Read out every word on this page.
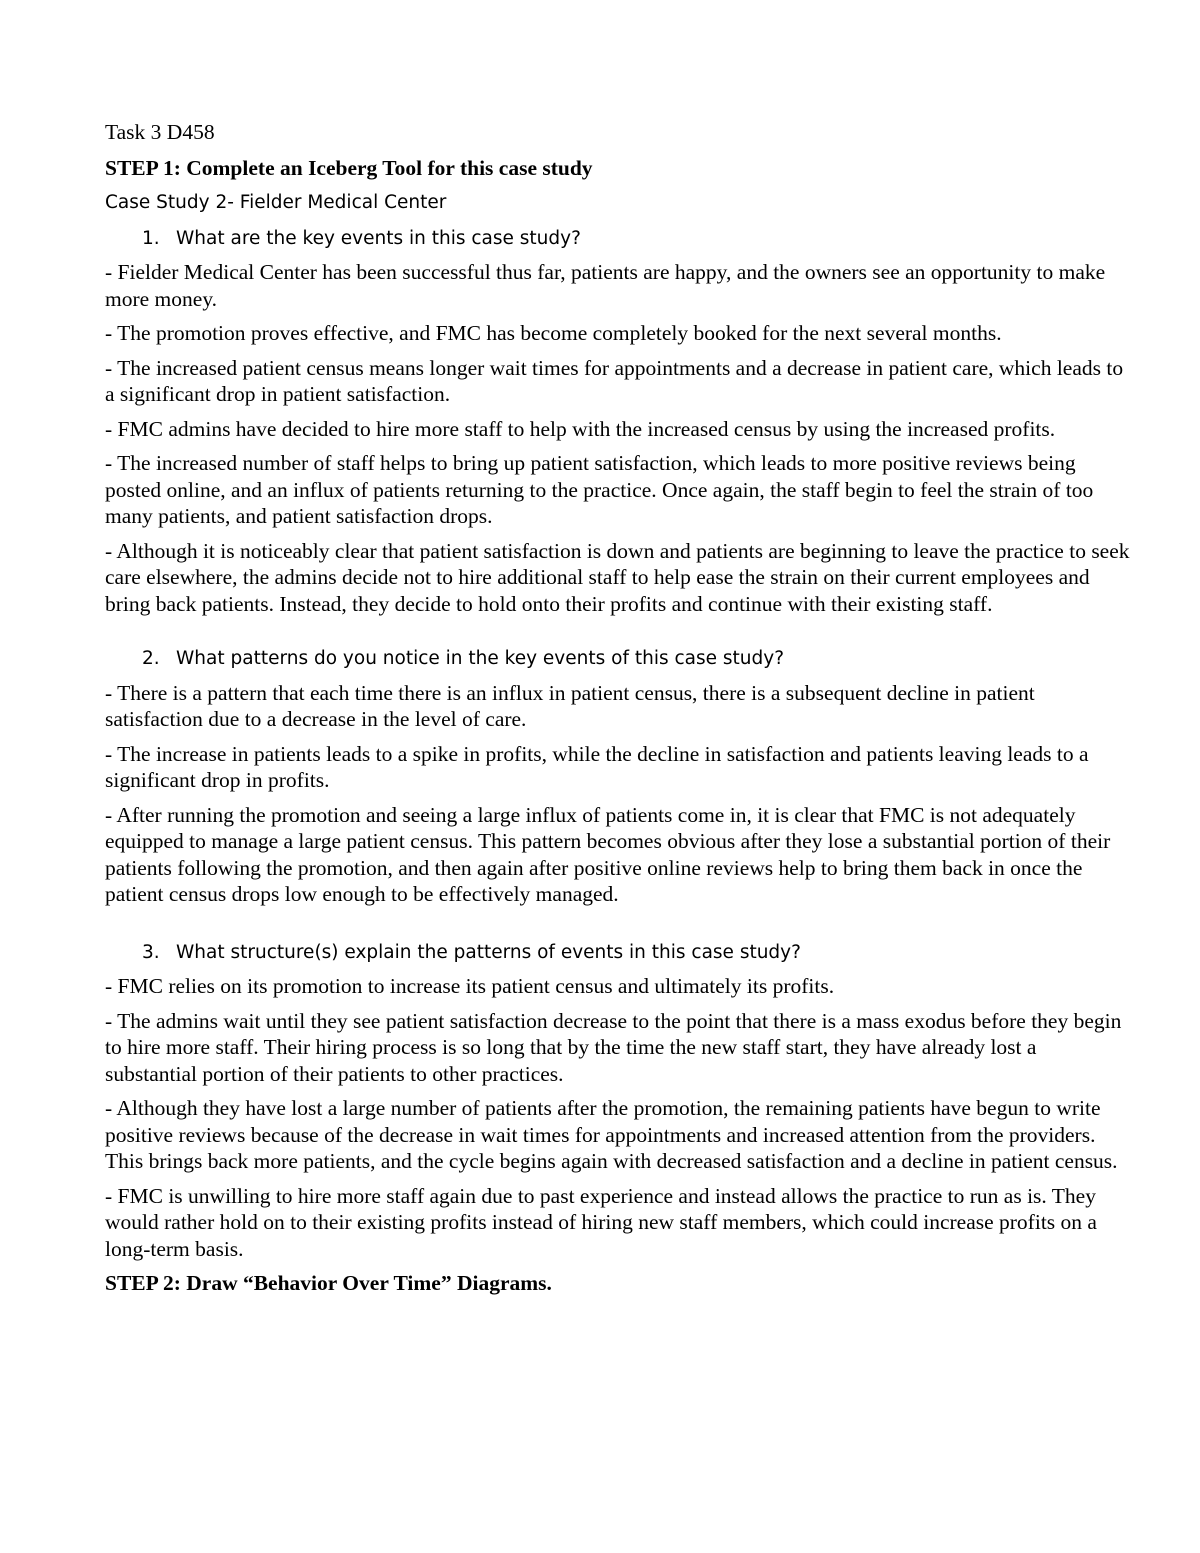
Task 3 D458

STEP 1: Complete an Iceberg Tool for this case study

Case Study 2- Fielder Medical Center

1. What are the key events in this case study?

- Fielder Medical Center has been successful thus far, patients are happy, and the owners see an opportunity to make more money.

- The promotion proves effective, and FMC has become completely booked for the next several months.

- The increased patient census means longer wait times for appointments and a decrease in patient care, which leads to a significant drop in patient satisfaction.

- FMC admins have decided to hire more staff to help with the increased census by using the increased profits.

- The increased number of staff helps to bring up patient satisfaction, which leads to more positive reviews being posted online, and an influx of patients returning to the practice. Once again, the staff begin to feel the strain of too many patients, and patient satisfaction drops.

- Although it is noticeably clear that patient satisfaction is down and patients are beginning to leave the practice to seek care elsewhere, the admins decide not to hire additional staff to help ease the strain on their current employees and bring back patients. Instead, they decide to hold onto their profits and continue with their existing staff.

2. What patterns do you notice in the key events of this case study?

- There is a pattern that each time there is an influx in patient census, there is a subsequent decline in patient satisfaction due to a decrease in the level of care.

- The increase in patients leads to a spike in profits, while the decline in satisfaction and patients leaving leads to a significant drop in profits.

- After running the promotion and seeing a large influx of patients come in, it is clear that FMC is not adequately equipped to manage a large patient census. This pattern becomes obvious after they lose a substantial portion of their patients following the promotion, and then again after positive online reviews help to bring them back in once the patient census drops low enough to be effectively managed.

3. What structure(s) explain the patterns of events in this case study?

- FMC relies on its promotion to increase its patient census and ultimately its profits.

- The admins wait until they see patient satisfaction decrease to the point that there is a mass exodus before they begin to hire more staff. Their hiring process is so long that by the time the new staff start, they have already lost a substantial portion of their patients to other practices.

- Although they have lost a large number of patients after the promotion, the remaining patients have begun to write positive reviews because of the decrease in wait times for appointments and increased attention from the providers. This brings back more patients, and the cycle begins again with decreased satisfaction and a decline in patient census.

- FMC is unwilling to hire more staff again due to past experience and instead allows the practice to run as is. They would rather hold on to their existing profits instead of hiring new staff members, which could increase profits on a long-term basis.

STEP 2: Draw “Behavior Over Time” Diagrams.
